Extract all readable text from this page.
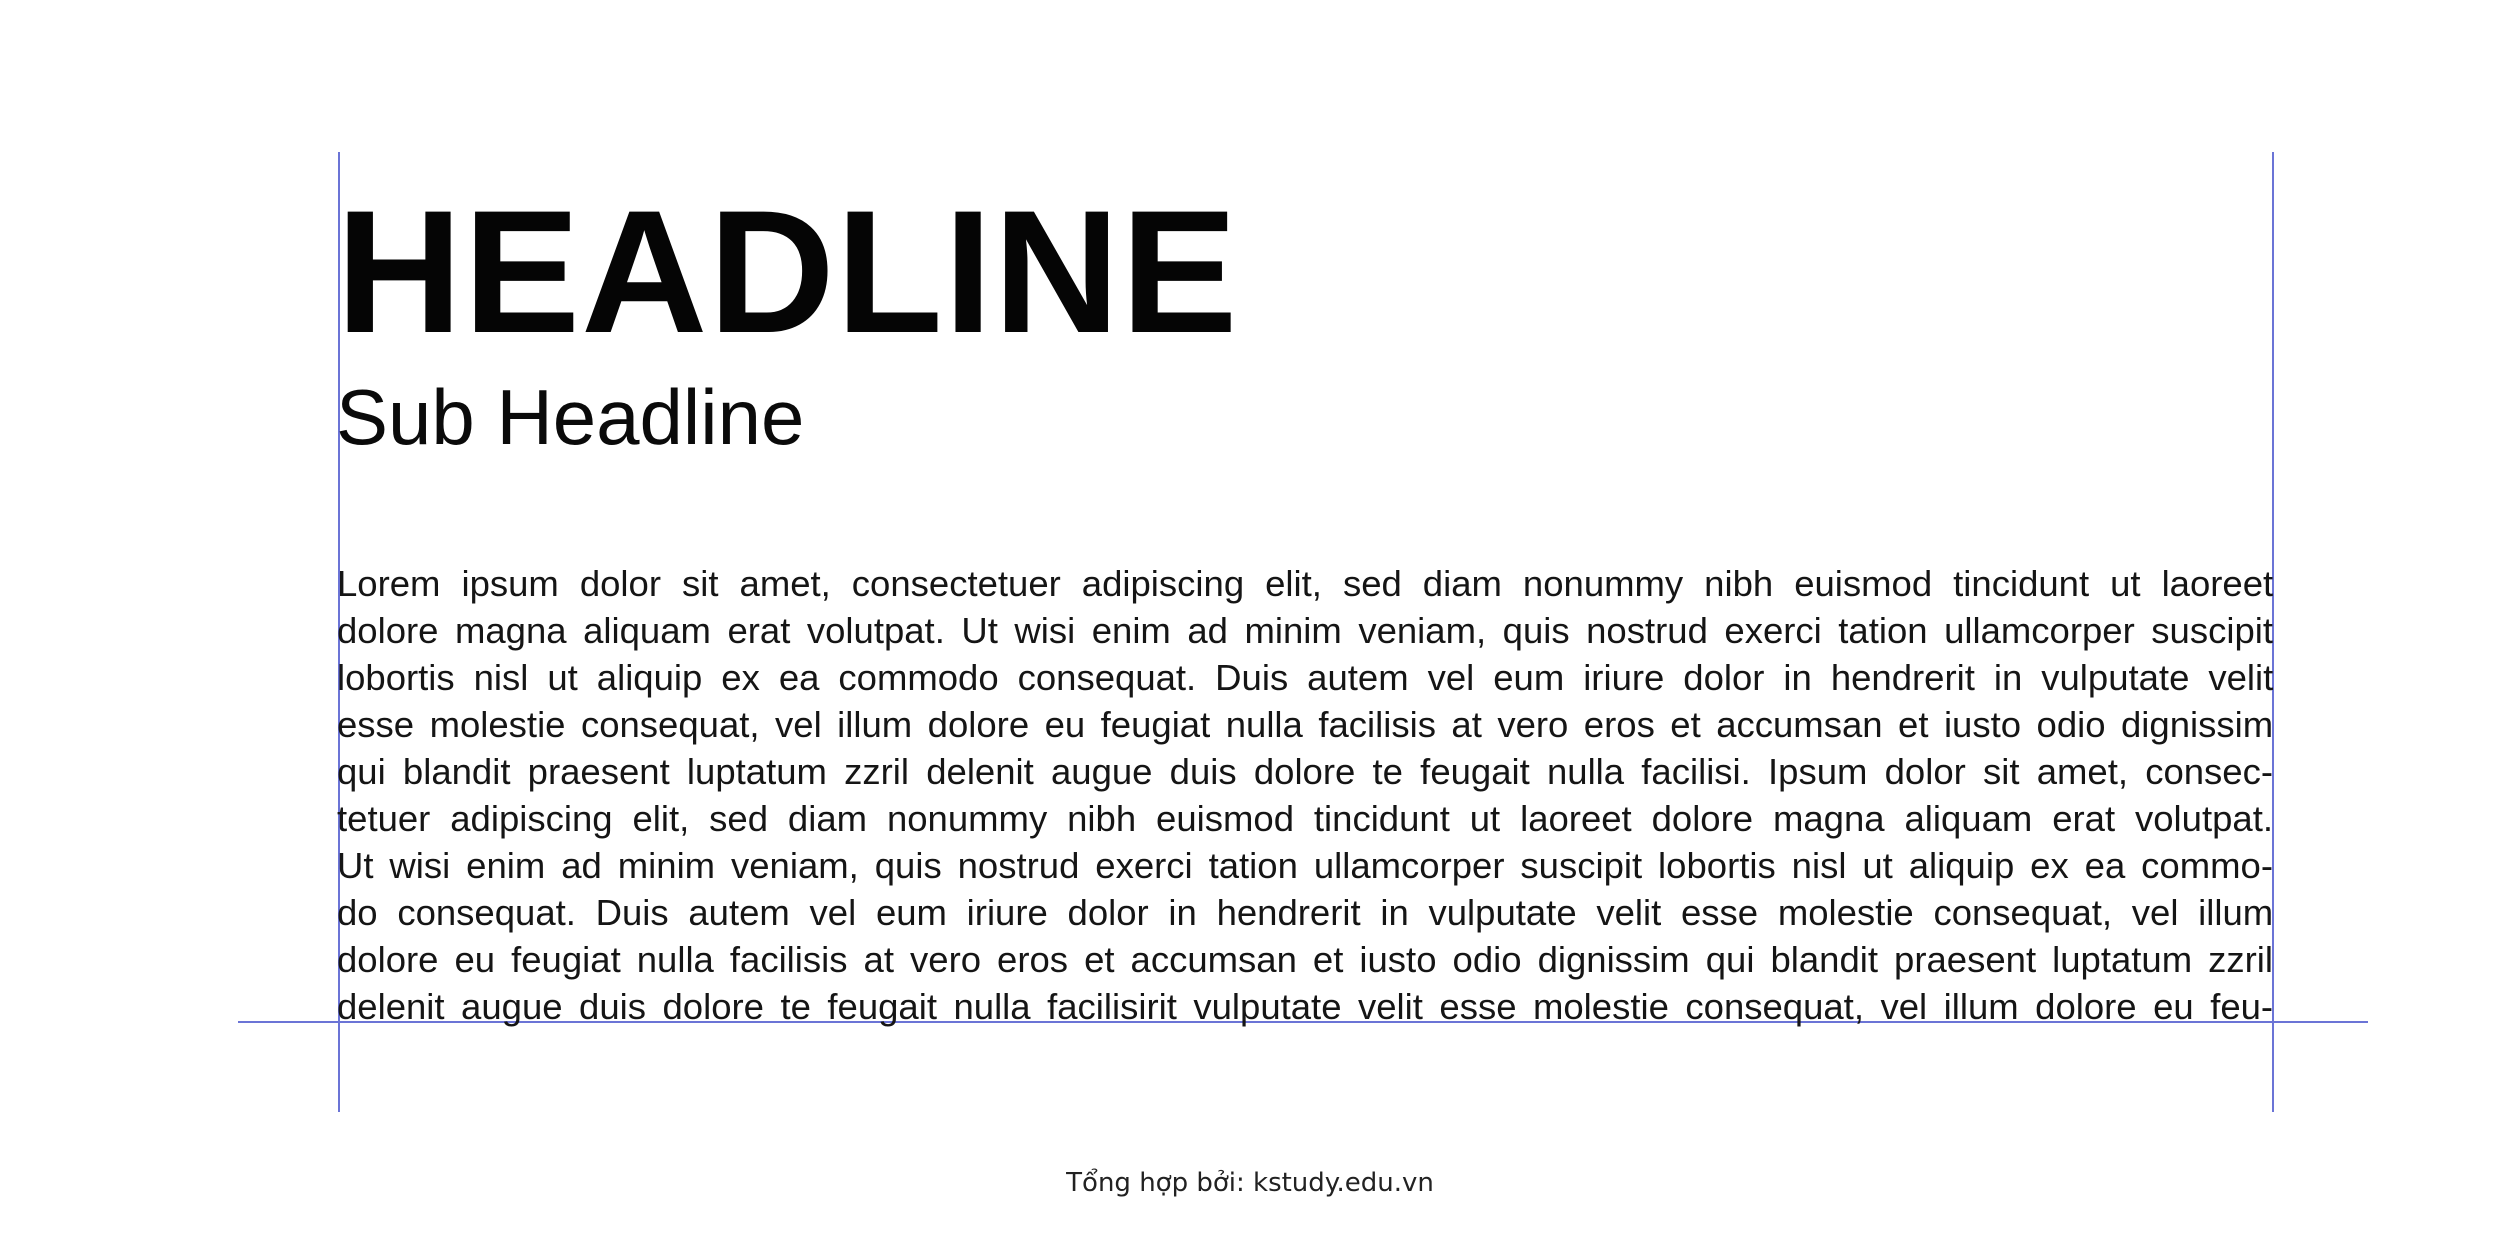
HEADLINE
Sub Headline
Lorem ipsum dolor sit amet, consectetuer adipiscing elit, sed diam nonummy nibh euismod tincidunt ut laoreet
dolore magna aliquam erat volutpat. Ut wisi enim ad minim veniam, quis nostrud exerci tation ullamcorper suscipit
lobortis nisl ut aliquip ex ea commodo consequat. Duis autem vel eum iriure dolor in hendrerit in vulputate velit
esse molestie consequat, vel illum dolore eu feugiat nulla facilisis at vero eros et accumsan et iusto odio dignissim
qui blandit praesent luptatum zzril delenit augue duis dolore te feugait nulla facilisi. Ipsum dolor sit amet, consec-
tetuer adipiscing elit, sed diam nonummy nibh euismod tincidunt ut laoreet dolore magna aliquam erat volutpat.
Ut wisi enim ad minim veniam, quis nostrud exerci tation ullamcorper suscipit lobortis nisl ut aliquip ex ea commo-
do consequat. Duis autem vel eum iriure dolor in hendrerit in vulputate velit esse molestie consequat, vel illum
dolore eu feugiat nulla facilisis at vero eros et accumsan et iusto odio dignissim qui blandit praesent luptatum zzril
delenit augue duis dolore te feugait nulla facilisirit vulputate velit esse molestie consequat, vel illum dolore eu feu-
Tổng hợp bởi: kstudy.edu.vn
